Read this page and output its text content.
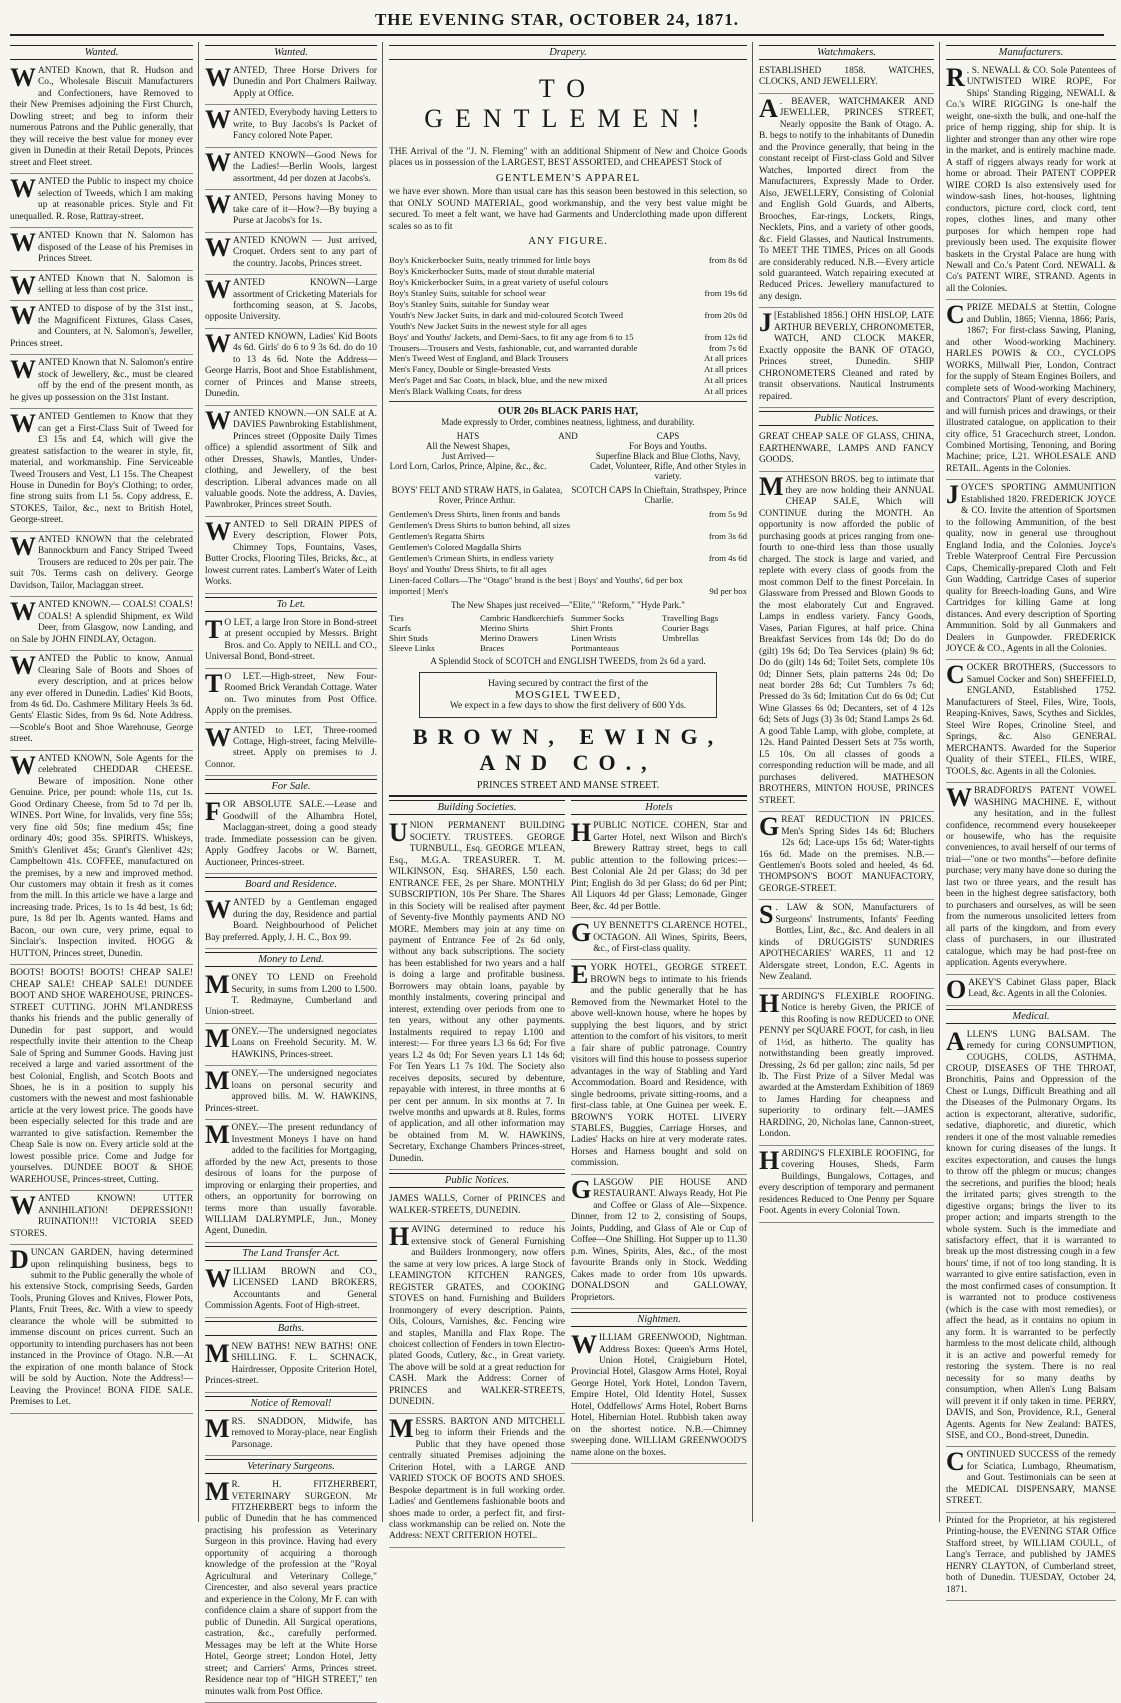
THE EVENING STAR, OCTOBER 24, 1871.
Wanted.
WANTED Known, that R. Hudson and Co., Wholesale Biscuit Manufacturers and Confectioners, have Removed to their New Premises adjoining the First Church, Dowling street; and beg to inform their numerous Patrons and the Public generally, that they will receive the best value for money ever given in Dunedin at their Retail Depots, Princes street and Fleet street.
WANTED the Public to inspect my choice selection of Tweeds, which I am making up at reasonable prices. Style and Fit unequalled. R. Rose, Rattray-street.
WANTED Known that N. Salomon has disposed of the Lease of his Premises in Princes Street.
WANTED Known that N. Salomon is selling at less than cost price.
WANTED to dispose of by the 31st inst., the Magnificent Fixtures, Glass Cases, and Counters, at N. Salomon's, Jeweller, Princes street.
WANTED Known that N. Salomon's entire stock of Jewellery, &c., must be cleared off by the end of the present month, as he gives up possession on the 31st Instant.
WANTED Gentlemen to Know that they can get a First-Class Suit of Tweed for £3 15s and £4, which will give the greatest satisfaction to the wearer in style, fit, material, and workmanship. Fine Serviceable Tweed Trousers and Vest, L1 15s. The Cheapest House in Dunedin for Boy's Clothing; to order, fine strong suits from L1 5s. Copy address, E. STOKES, Tailor, &c., next to British Hotel, George-street.
WANTED KNOWN that the celebrated Bannockburn and Fancy Striped Tweed Trousers are reduced to 20s per pair. The suit 70s. Terms cash on delivery. George Davidson, Tailor, Maclaggan street.
WANTED KNOWN.— COALS! COALS! COALS! A splendid Shipment, ex Wild Deer, from Glasgow, now Landing, and on Sale by JOHN FINDLAY, Octagon.
WANTED the Public to know, Annual Clearing Sale of Boots and Shoes of every description, and at prices below any ever offered in Dunedin. Ladies' Kid Boots, from 4s 6d. Do. Cashmere Military Heels 3s 6d. Gents' Elastic Sides, from 9s 6d. Note Address.—Scoble's Boot and Shoe Warehouse, George street.
WANTED KNOWN, Sole Agents for the celebrated CHEDDAR CHEESE. Beware of imposition. None other Genuine. Price, per pound: whole 11s, cut 1s. Good Ordinary Cheese, from 5d to 7d per lb. WINES. Port Wine, for Invalids, very fine 55s; very fine old 50s; fine medium 45s; fine ordinary 40s; good 35s. SPIRITS. Whiskeys, Smith's Glenlivet 45s; Grant's Glenlivet 42s; Campbeltown 41s. COFFEE, manufactured on the premises, by a new and improved method. Our customers may obtain it fresh as it comes from the mill. In this article we have a large and increasing trade. Prices, 1s to 1s 4d best, 1s 6d; pure, 1s 8d per lb. Agents wanted. Hams and Bacon, our own cure, very prime, equal to Sinclair's. Inspection invited. HOGG & HUTTON, Princes street, Dunedin.
BOOTS! BOOTS! BOOTS! CHEAP SALE! CHEAP SALE! CHEAP SALE! DUNDEE BOOT AND SHOE WAREHOUSE, PRINCES-STREET CUTTING. JOHN M'LANDRESS thanks his friends and the public generally of Dunedin for past support, and would respectfully invite their attention to the Cheap Sale of Spring and Summer Goods. Having just received a large and varied assortment of the best Colonial, English, and Scotch Boots and Shoes, he is in a position to supply his customers with the newest and most fashionable article at the very lowest price. The goods have been especially selected for this trade and are warranted to give satisfaction. Remember the Cheap Sale is now on. Every article sold at the lowest possible price. Come and Judge for yourselves. DUNDEE BOOT & SHOE WAREHOUSE, Princes-street, Cutting.
WANTED KNOWN! UTTER ANNIHILATION! DEPRESSION!! RUINATION!!! VICTORIA SEED STORES.
DUNCAN GARDEN, having determined upon relinquishing business, begs to submit to the Public generally the whole of his extensive Stock, comprising Seeds, Garden Tools, Pruning Gloves and Knives, Flower Pots, Plants, Fruit Trees, &c. With a view to speedy clearance the whole will be submitted to immense discount on prices current. Such an opportunity to intending purchasers has not been instanced in the Province of Otago. N.B.—At the expiration of one month balance of Stock will be sold by Auction. Note the Address!—Leaving the Province! BONA FIDE SALE. Premises to Let.
Wanted.
WANTED, Three Horse Drivers for Dunedin and Port Chalmers Railway. Apply at Office.
WANTED, Everybody having Letters to write, to Buy Jacobs's Is Packet of Fancy colored Note Paper.
WANTED KNOWN—Good News for the Ladies!—Berlin Wools, largest assortment, 4d per dozen at Jacobs's.
WANTED, Persons having Money to take care of it—How?—By buying a Purse at Jacobs's for 1s.
WANTED KNOWN — Just arrived, Croquet. Orders sent to any part of the country. Jacobs, Princes street.
WANTED KNOWN—Large assortment of Cricketing Materials for forthcoming season, at S. Jacobs, opposite University.
WANTED KNOWN, Ladies' Kid Boots 4s 6d. Girls' do 6 to 9 3s 6d. do do 10 to 13 4s 6d. Note the Address—George Harris, Boot and Shoe Establishment, corner of Princes and Manse streets, Dunedin.
WANTED KNOWN.—ON SALE at A. DAVIES Pawnbroking Establishment, Princes street (Opposite Daily Times office) a splendid assortment of Silk and other Dresses, Shawls, Mantles, Under-clothing, and Jewellery, of the best description. Liberal advances made on all valuable goods. Note the address, A. Davies, Pawnbroker, Princes street South.
WANTED to Sell DRAIN PIPES of Every description, Flower Pots, Chimney Tops, Fountains, Vases, Butter Crocks, Flooring Tiles, Bricks, &c., at lowest current rates. Lambert's Water of Leith Works.
To Let.
T O LET, a large Iron Store in Bond-street at present occupied by Messrs. Bright Bros. and Co. Apply to NEILL and CO., Universal Bond, Bond-street.
T O LET.—High-street, New Four-Roomed Brick Verandah Cottage. Water on. Two minutes from Post Office. Apply on the premises.
WANTED to LET, Three-roomed Cottage, High-street, facing Melville-street. Apply on premises to J. Connor.
For Sale.
FOR ABSOLUTE SALE.—Lease and Goodwill of the Alhambra Hotel, Maclaggan-street, doing a good steady trade. Immediate possession can be given. Apply Godfrey Jacobs or W. Barnett, Auctioneer, Princes-street.
Board and Residence.
WANTED by a Gentleman engaged during the day, Residence and partial Board. Neighbourhood of Pelichet Bay preferred. Apply, J. H. C., Box 99.
Money to Lend.
MONEY TO LEND on Freehold Security, in sums from L200 to L500. T. Redmayne, Cumberland and Union-street.
MONEY.—The undersigned negociates Loans on Freehold Security. M. W. HAWKINS, Princes-street.
MONEY.—The undersigned negociates loans on personal security and approved bills. M. W. HAWKINS, Princes-street.
MONEY.—The present redundancy of Investment Moneys I have on hand added to the facilities for Mortgaging, afforded by the new Act, presents to those desirous of loans for the purpose of improving or enlarging their properties, and others, an opportunity for borrowing on terms more than usually favorable. WILLIAM DALRYMPLE, Jun., Money Agent, Dunedin.
The Land Transfer Act.
WILLIAM BROWN and CO., LICENSED LAND BROKERS, Accountants and General Commission Agents. Foot of High-street.
Baths.
MNEW BATHS! NEW BATHS! ONE SHILLING. F. L. SCHNACK, Hairdresser, Opposite Criterion Hotel, Princes-street.
Notice of Removal!
MRS. SNADDON, Midwife, has removed to Moray-place, near English Parsonage.
Veterinary Surgeons.
M R. H. FITZHERBERT, VETERINARY SURGEON. Mr FITZHERBERT begs to inform the public of Dunedin that he has commenced practising his profession as Veterinary Surgeon in this province. Having had every opportunity of acquiring a thorough knowledge of the profession at the "Royal Agricultural and Veterinary College," Cirencester, and also several years practice and experience in the Colony, Mr F. can with confidence claim a share of support from the public of Dunedin. All Surgical operations, castration, &c., carefully performed. Messages may be left at the White Horse Hotel, George street; London Hotel, Jetty street; and Carriers' Arms, Princes street. Residence near top of "HIGH STREET," ten minutes walk from Post Office.
Drapery.
TO GENTLEMEN!

THE Arrival of the "J. N. Fleming" with an additional Shipment of New and Choice Goods places us in possession of the LARGEST, BEST ASSORTED, and CHEAPEST Stock of

GENTLEMEN'S APPAREL

we have ever shown. More than usual care has this season been bestowed in this selection, so that ONLY SOUND MATERIAL, good workmanship, and the very best value might be secured. To meet a felt want, we have had Garments and Underclothing made upon different scales so as to fit

ANY FIGURE.

Boy's Knickerbocker Suits, neatly trimmed for little boys	from 8s 6d
Boy's Knickerbocker Suits, made of stout durable material
Boy's Knickerbocker Suits, in a great variety of useful colours
Boy's Stanley Suits, suitable for school wear	from 19s 6d
Boy's Stanley Suits, suitable for Sunday wear
Youth's New Jacket Suits, in dark and mid-coloured Scotch Tweed	from 20s 0d
Youth's New Jacket Suits in the newest style for all ages
Boys' and Youths' Jackets, and Demi-Sacs, to fit any age from 6 to 15	from 12s 6d
Trousers—Trousers and Vests, fashionable, cut, and warranted durable	from 7s 6d
Men's Tweed West of England, and Black Trousers	At all prices
Men's Fancy, Double or Single-breasted Vests	At all prices
Men's Paget and Sac Coats, in black, blue, and the new mixed	At all prices
Men's Black Walking Coats, for dress	At all prices
OUR 20s BLACK PARIS HAT,
Made expressly to Order, combines neatness, lightness, and durability.
HATS
All the Newest Shapes,
Just Arrived—
Lord Lorn, Carlos, Prince, Alpine, &c., &c.
AND	CAPS
For Boys and Youths.
Superfine Black and Blue Cloths, Navy, Cadet, Volunteer, Rifle, And other Styles in variety.
BOYS' FELT AND STRAW HATS, in Galatea, Rover, Prince Arthur.
SCOTCH CAPS In Chieftain, Strathspey, Prince Charlie.
Gentlemen's Dress Shirts, linen fronts and bands	from 5s 9d
Gentlemen's Dress Shirts to button behind, all sizes
Gentlemen's Regatta Shirts	from 3s 6d
Gentlemen's Colored Magdalla Shirts
Gentlemen's Crimean Shirts, in endless variety	from 4s 6d
Boys' and Youths' Dress Shirts, to fit all ages
Linen-faced Collars—The "Otago" brand is the best | Boys' and Youths', 6d per box
imported | Men's	9d per box
The New Shapes just received—"Elite," "Reform," "Hyde Park."
Ties
Scarfs
Shirt Studs
Sleeve Links
Cambric Handkerchiefs
Merino Shirts
Merino Drawers
Braces
Summer Socks
Shirt Fronts
Linen Wrists
Portmanteaus
Travelling Bags
Courier Bags
Umbrellas
A Splendid Stock of SCOTCH and ENGLISH TWEEDS, from 2s 6d a yard.
Having secured by contract the first of the
MOSGIEL TWEED,
We expect in a few days to show the first delivery of 600 Yds.
BROWN, EWING, AND CO.,
PRINCES STREET AND MANSE STREET.
Building Societies.
UNION PERMANENT BUILDING SOCIETY. TRUSTEES. GEORGE TURNBULL, Esq. GEORGE M'LEAN, Esq., M.G.A. TREASURER. T. M. WILKINSON, Esq. SHARES, L50 each. ENTRANCE FEE, 2s per Share. MONTHLY SUBSCRIPTION, 10s Per Share. The Shares in this Society will be realised after payment of Seventy-five Monthly payments AND NO MORE. Members may join at any time on payment of Entrance Fee of 2s 6d only, without any back subscriptions. The society has been established for two years and a half is doing a large and profitable business. Borrowers may obtain loans, payable by monthly instalments, covering principal and interest, extending over periods from one to ten years, without any other payments. Instalments required to repay L100 and interest:— For three years L3 6s 6d; For five years L2 4s 0d; For Seven years L1 14s 6d; For Ten Years L1 7s 10d. The Society also receives deposits, secured by debenture, repayable with interest, in three months at 6 per cent per annum. In six months at 7. In twelve months and upwards at 8. Rules, forms of application, and all other information may be obtained from M. W. HAWKINS, Secretary, Exchange Chambers Princes-street, Dunedin.
Public Notices.
JAMES WALLS, Corner of PRINCES and WALKER-STREETS, DUNEDIN.
HAVING determined to reduce his extensive stock of General Furnishing and Builders Ironmongery, now offers the same at very low prices. A large Stock of LEAMINGTON KITCHEN RANGES, REGISTER GRATES, and COOKING STOVES on hand. Furnishing and Builders Ironmongery of every description. Paints, Oils, Colours, Varnishes, &c. Fencing wire and staples, Manilla and Flax Rope. The choicest collection of Fenders in town Electro-plated Goods, Cutlery, &c., in Great variety. The above will be sold at a great reduction for CASH. Mark the Address: Corner of PRINCES and WALKER-STREETS, DUNEDIN.
MESSRS. BARTON AND MITCHELL beg to inform their Friends and the Public that they have opened those centrally situated Premises adjoining the Criterion Hotel, with a LARGE AND VARIED STOCK OF BOOTS AND SHOES. Bespoke department is in full working order. Ladies' and Gentlemens fashionable boots and shoes made to order, a perfect fit, and first-class workmanship can be relied on. Note the Address: NEXT CRITERION HOTEL.
Hotels
HPUBLIC NOTICE. COHEN, Star and Garter Hotel, next Wilson and Birch's Brewery Rattray street, begs to call public attention to the following prices:— Best Colonial Ale 2d per Glass; do 3d per Pint; English do 3d per Glass; do 6d per Pint; All Liquors 4d per Glass; Lemonade, Ginger Beer, &c. 4d per Bottle.
GUY BENNETT'S CLARENCE HOTEL, OCTAGON. All Wines, Spirits, Beers, &c., of First-class quality.
EYORK HOTEL, GEORGE STREET. BROWN begs to intimate to his friends and the public generally that he has Removed from the Newmarket Hotel to the above well-known house, where he hopes by supplying the best liquors, and by strict attention to the comfort of his visitors, to merit a fair share of public patronage. Country visitors will find this house to possess superior advantages in the way of Stabling and Yard Accommodation. Board and Residence, with single bedrooms, private sitting-rooms, and a first-class table, at One Guinea per week. E. BROWN'S YORK HOTEL LIVERY STABLES, Buggies, Carriage Horses, and Ladies' Hacks on hire at very moderate rates. Horses and Harness bought and sold on commission.
GLASGOW PIE HOUSE AND RESTAURANT. Always Ready, Hot Pie and Coffee or Glass of Ale—Sixpence. Dinner, from 12 to 2, consisting of Soups, Joints, Pudding, and Glass of Ale or Cup of Coffee—One Shilling. Hot Supper up to 11.30 p.m. Wines, Spirits, Ales, &c., of the most favourite Brands only in Stock. Wedding Cakes made to order from 10s upwards. DONALDSON and GALLOWAY, Proprietors.
Nightmen.
WILLIAM GREENWOOD, Nightman. Address Boxes: Queen's Arms Hotel, Union Hotel, Craigieburn Hotel, Provincial Hotel, Glasgow Arms Hotel, Royal George Hotel, York Hotel, London Tavern, Empire Hotel, Old Identity Hotel, Sussex Hotel, Oddfellows' Arms Hotel, Robert Burns Hotel, Hibernian Hotel. Rubbish taken away on the shortest notice. N.B.—Chimney sweeping done. WILLIAM GREENWOOD'S name alone on the boxes.
Watchmakers.
ESTABLISHED 1858. WATCHES, CLOCKS, AND JEWELLERY.
A . BEAVER, WATCHMAKER AND JEWELLER, PRINCES STREET, Nearly opposite the Bank of Otago. A. B. begs to notify to the inhabitants of Dunedin and the Province generally, that being in the constant receipt of First-class Gold and Silver Watches, Imported direct from the Manufacturers, Expressly Made to Order. Also, JEWELLERY, Consisting of Colonial and English Gold Guards, and Alberts, Brooches, Ear-rings, Lockets, Rings, Necklets, Pins, and a variety of other goods, &c. Field Glasses, and Nautical Instruments. To MEET THE TIMES, Prices on all Goods are considerably reduced. N.B.—Every article sold guaranteed. Watch repairing executed at Reduced Prices. Jewellery manufactured to any design.
J [Established 1856.] OHN HISLOP, LATE ARTHUR BEVERLY, CHRONOMETER, WATCH, AND CLOCK MAKER, Exactly opposite the BANK OF OTAGO, Princes street, Dunedin. SHIP CHRONOMETERS Cleaned and rated by transit observations. Nautical Instruments repaired.
Public Notices.
GREAT CHEAP SALE OF GLASS, CHINA, EARTHENWARE, LAMPS AND FANCY GOODS.
MATHESON BROS. beg to intimate that they are now holding their ANNUAL CHEAP SALE, Which will CONTINUE during the MONTH. An opportunity is now afforded the public of purchasing goods at prices ranging from one-fourth to one-third less than those usually charged. The stock is large and varied, and replete with every class of goods from the most common Delf to the finest Porcelain. In Glassware from Pressed and Blown Goods to the most elaborately Cut and Engraved. Lamps in endless variety. Fancy Goods, Vases, Parian Figures, at half price. China Breakfast Services from 14s 0d; Do do do (gilt) 19s 6d; Do Tea Services (plain) 9s 6d; Do do (gilt) 14s 6d; Toilet Sets, complete 10s 0d; Dinner Sets, plain patterns 24s 0d; Do neat border 28s 6d; Cut Tumblers 7s 6d; Pressed do 3s 6d; Imitation Cut do 6s 0d; Cut Wine Glasses 6s 0d; Decanters, set of 4 12s 6d; Sets of Jugs (3) 3s 0d; Stand Lamps 2s 6d. A good Table Lamp, with globe, complete, at 12s. Hand Painted Dessert Sets at 75s worth, L5 10s. On all classes of goods a corresponding reduction will be made, and all purchases delivered. MATHESON BROTHERS, MINTON HOUSE, PRINCES STREET.
GREAT REDUCTION IN PRICES. Men's Spring Sides 14s 6d; Bluchers 12s 6d; Lace-ups 15s 6d; Water-tights 16s 6d. Made on the premises. N.B.—Gentlemen's Boots soled and heeled, 4s 6d. THOMPSON'S BOOT MANUFACTORY, GEORGE-STREET.
S . LAW & SON, Manufacturers of Surgeons' Instruments, Infants' Feeding Bottles, Lint, &c., &c. And dealers in all kinds of DRUGGISTS' SUNDRIES APOTHECARIES' WARES, 11 and 12 Aldersgate street, London, E.C. Agents in New Zealand.
HARDING'S FLEXIBLE ROOFING. Notice is hereby Given, the PRICE of this Roofing is now REDUCED to ONE PENNY per SQUARE FOOT, for cash, in lieu of 1½d, as hitherto. The quality has notwithstanding been greatly improved. Dressing, 2s 6d per gallon; zinc nails, 5d per lb. The First Prize of a Silver Medal was awarded at the Amsterdam Exhibition of 1869 to James Harding for cheapness and superiority to ordinary felt.—JAMES HARDING, 20, Nicholas lane, Cannon-street, London.
HARDING'S FLEXIBLE ROOFING, for covering Houses, Sheds, Farm Buildings, Bungalows, Cottages, and every description of temporary and permanent residences Reduced to One Penny per Square Foot. Agents in every Colonial Town.
Manufacturers.
R . S. NEWALL & CO. Sole Patentees of UNTWISTED WIRE ROPE, For Ships' Standing Rigging, NEWALL & Co.'s WIRE RIGGING Is one-half the weight, one-sixth the bulk, and one-half the price of hemp rigging, ship for ship. It is lighter and stronger than any other wire rope in the market, and is entirely machine made. A staff of riggers always ready for work at home or abroad. Their PATENT COPPER WIRE CORD Is also extensively used for window-sash lines, hot-houses, lightning conductors, picture cord, clock cord, tent ropes, clothes lines, and many other purposes for which hempen rope had previously been used. The exquisite flower baskets in the Crystal Palace are hung with Newall and Co.'s Patent Cord. NEWALL & Co's PATENT WIRE, STRAND. Agents in all the Colonies.
CPRIZE MEDALS at Stettin, Cologne and Dublin, 1865; Vienna, 1866; Paris, 1867; For first-class Sawing, Planing, and other Wood-working Machinery. HARLES POWIS & CO., CYCLOPS WORKS, Millwall Pier, London, Contract for the supply of Steam Engines Boilers, and complete sets of Wood-working Machinery, and Contractors' Plant of every description, and will furnish prices and drawings, or their illustrated catalogue, on application to their city office, 51 Gracechurch street, London. Combined Mortising, Tenoning, and Boring Machine; price, L21. WHOLESALE AND RETAIL. Agents in the Colonies.
JOYCE'S SPORTING AMMUNITION Established 1820. FREDERICK JOYCE & CO. Invite the attention of Sportsmen to the following Ammunition, of the best quality, now in general use throughout England India, and the Colonies. Joyce's Treble Waterproof Central Fire Percussion Caps, Chemically-prepared Cloth and Felt Gun Wadding, Cartridge Cases of superior quality for Breech-loading Guns, and Wire Cartridges for killing Game at long distances. And every description of Sporting Ammunition. Sold by all Gunmakers and Dealers in Gunpowder. FREDERICK JOYCE & CO., Agents in all the Colonies.
COCKER BROTHERS, (Successors to Samuel Cocker and Son) SHEFFIELD, ENGLAND, Established 1752. Manufacturers of Steel, Files, Wire, Tools, Reaping-Knives, Saws, Scythes and Sickles, Steel Wire Ropes, Crinoline Steel, and Springs, &c. Also GENERAL MERCHANTS. Awarded for the Superior Quality of their STEEL, FILES, WIRE, TOOLS, &c. Agents in all the Colonies.
WBRADFORD'S PATENT VOWEL WASHING MACHINE. E, without any hesitation, and in the fullest confidence, recommend every housekeeper or housewife, who has the requisite conveniences, to avail herself of our terms of trial—"one or two months"—before definite purchase; very many have done so during the last two or three years, and the result has been in the highest degree satisfactory, both to purchasers and ourselves, as will be seen from the numerous unsolicited letters from all parts of the kingdom, and from every class of purchasers, in our illustrated catalogue, which may be had post-free on application. Agents everywhere.
OAKEY'S Cabinet Glass paper, Black Lead, &c. Agents in all the Colonies.
Medical.
ALLEN'S LUNG BALSAM. The remedy for curing CONSUMPTION, COUGHS, COLDS, ASTHMA, CROUP, DISEASES OF THE THROAT, Bronchitis, Pains and Oppression of the Chest or Lungs, Difficult Breathing and all the Diseases of the Pulmonary Organs. Its action is expectorant, alterative, sudorific, sedative, diaphoretic, and diuretic, which renders it one of the most valuable remedies known for curing diseases of the lungs. It excites expectoration, and causes the lungs to throw off the phlegm or mucus; changes the secretions, and purifies the blood; heals the irritated parts; gives strength to the digestive organs; brings the liver to its proper action; and imparts strength to the whole system. Such is the immediate and satisfactory effect, that it is warranted to break up the most distressing cough in a few hours' time, if not of too long standing. It is warranted to give entire satisfaction, even in the most confirmed cases of consumption. It is warranted not to produce costiveness (which is the case with most remedies), or affect the head, as it contains no opium in any form. It is warranted to be perfectly harmless to the most delicate child, although it is an active and powerful remedy for restoring the system. There is no real necessity for so many deaths by consumption, when Allen's Lung Balsam will prevent it if only taken in time. PERRY, DAVIS, and Son, Providence, R.I., General Agents. Agents for New Zealand: BATES, SISE, and CO., Bond-street, Dunedin.
CONTINUED SUCCESS of the remedy for Sciatica, Lumbago, Rheumatism, and Gout. Testimonials can be seen at the MEDICAL DISPENSARY, MANSE STREET.
Printed for the Proprietor, at his registered Printing-house, the EVENING STAR Office Stafford street, by WILLIAM COULL, of Lang's Terrace, and published by JAMES HENRY CLAYTON, of Cumberland street, both of Dunedin. TUESDAY, October 24, 1871.
